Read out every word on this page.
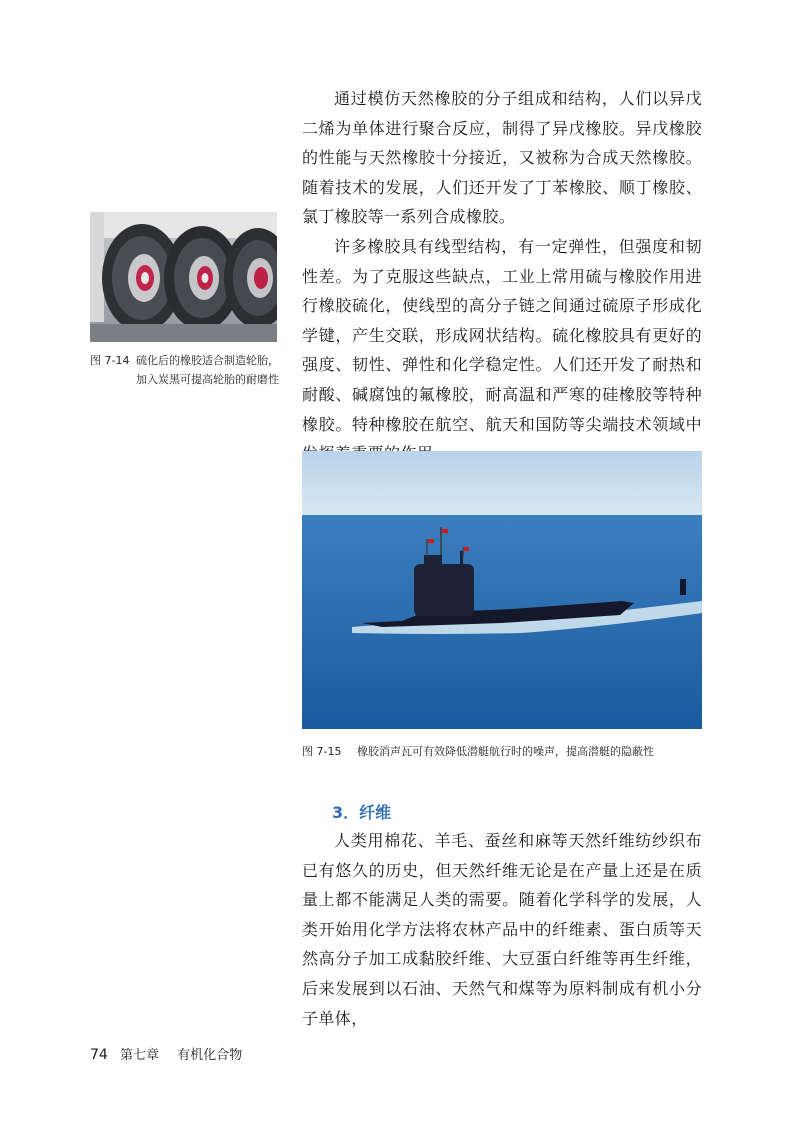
通过模仿天然橡胶的分子组成和结构，人们以异戊二烯为单体进行聚合反应，制得了异戊橡胶。异戊橡胶的性能与天然橡胶十分接近，又被称为合成天然橡胶。随着技术的发展，人们还开发了丁苯橡胶、顺丁橡胶、氯丁橡胶等一系列合成橡胶。

许多橡胶具有线型结构，有一定弹性，但强度和韧性差。为了克服这些缺点，工业上常用硫与橡胶作用进行橡胶硫化，使线型的高分子链之间通过硫原子形成化学键，产生交联，形成网状结构。硫化橡胶具有更好的强度、韧性、弹性和化学稳定性。人们还开发了耐热和耐酸、碱腐蚀的氟橡胶，耐高温和严寒的硅橡胶等特种橡胶。特种橡胶在航空、航天和国防等尖端技术领域中

图 7-14 硫化后的橡胶适合制造轮胎，加入炭黑可提高轮胎的耐磨性
图 7-15 橡胶消声瓦可有效降低潜艇航行时的噪声，提高潜艇的隐蔽性
3．纤维

人类用棉花、羊毛、蚕丝和麻等天然纤维纺纱织布已有悠久的历史，但天然纤维无论是在产量上还是在质量上都不能满足人类的需要。随着化学科学的发展，人类开始用化学方法将农林产品中的纤维素、蛋白质等天然高分子加工成黏胶纤维、大豆蛋白纤维等再生纤维，后来发展到以石油、天然气和煤等为原料制成有机小分子单体，

74 第七章 有机化合物
